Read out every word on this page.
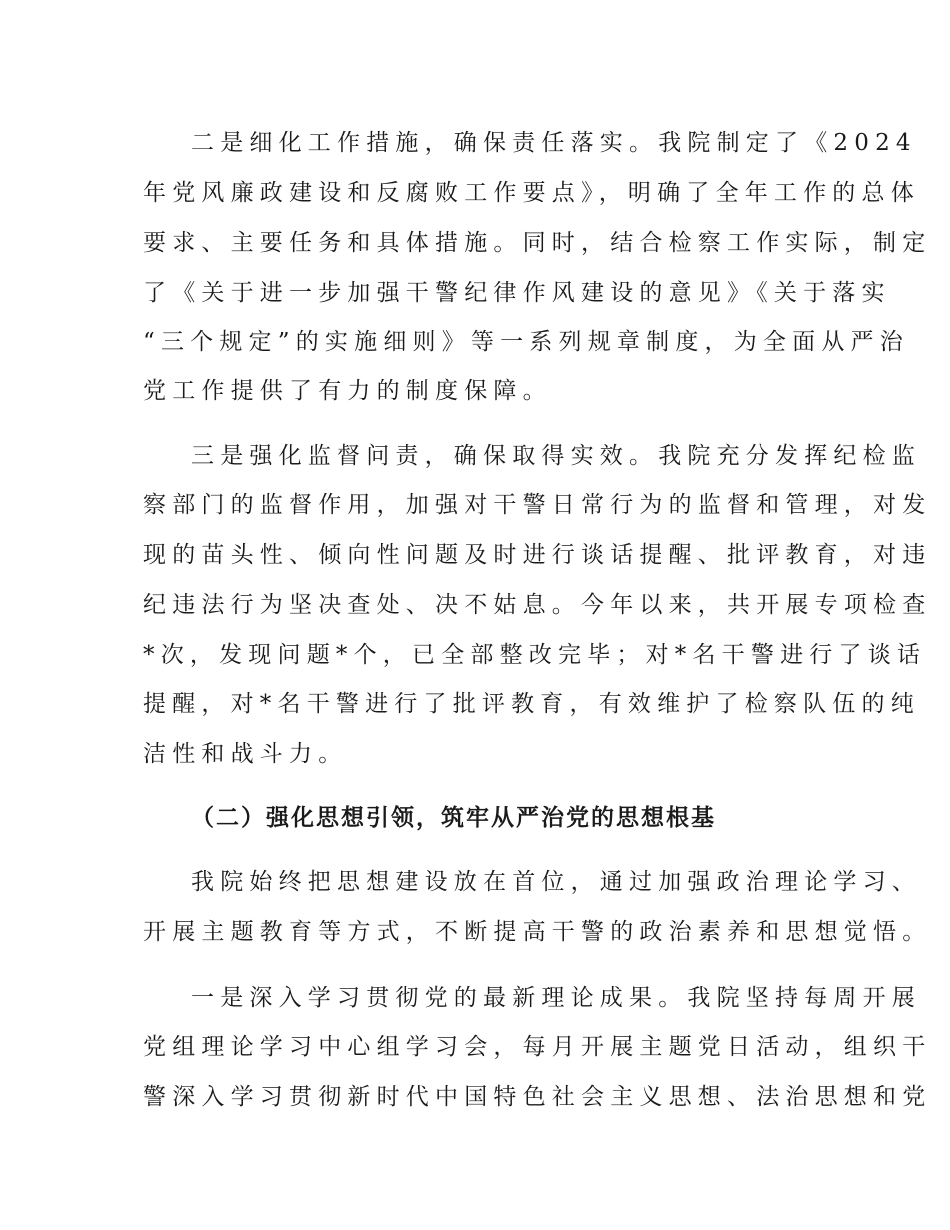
二是细化工作措施，确保责任落实。我院制定了《2024

年党风廉政建设和反腐败工作要点》，明确了全年工作的总体

要求、主要任务和具体措施。同时，结合检察工作实际，制定

了《关于进一步加强干警纪律作风建设的意见》《关于落实

“三个规定”的实施细则》等一系列规章制度，为全面从严治

党工作提供了有力的制度保障。

三是强化监督问责，确保取得实效。我院充分发挥纪检监

察部门的监督作用，加强对干警日常行为的监督和管理，对发

现的苗头性、倾向性问题及时进行谈话提醒、批评教育，对违

纪违法行为坚决查处、决不姑息。今年以来，共开展专项检查

*次，发现问题*个，已全部整改完毕；对*名干警进行了谈话

提醒，对*名干警进行了批评教育，有效维护了检察队伍的纯

洁性和战斗力。

（二）强化思想引领，筑牢从严治党的思想根基

我院始终把思想建设放在首位，通过加强政治理论学习、

开展主题教育等方式，不断提高干警的政治素养和思想觉悟。

一是深入学习贯彻党的最新理论成果。我院坚持每周开展

党组理论学习中心组学习会，每月开展主题党日活动，组织干

警深入学习贯彻新时代中国特色社会主义思想、法治思想和党
